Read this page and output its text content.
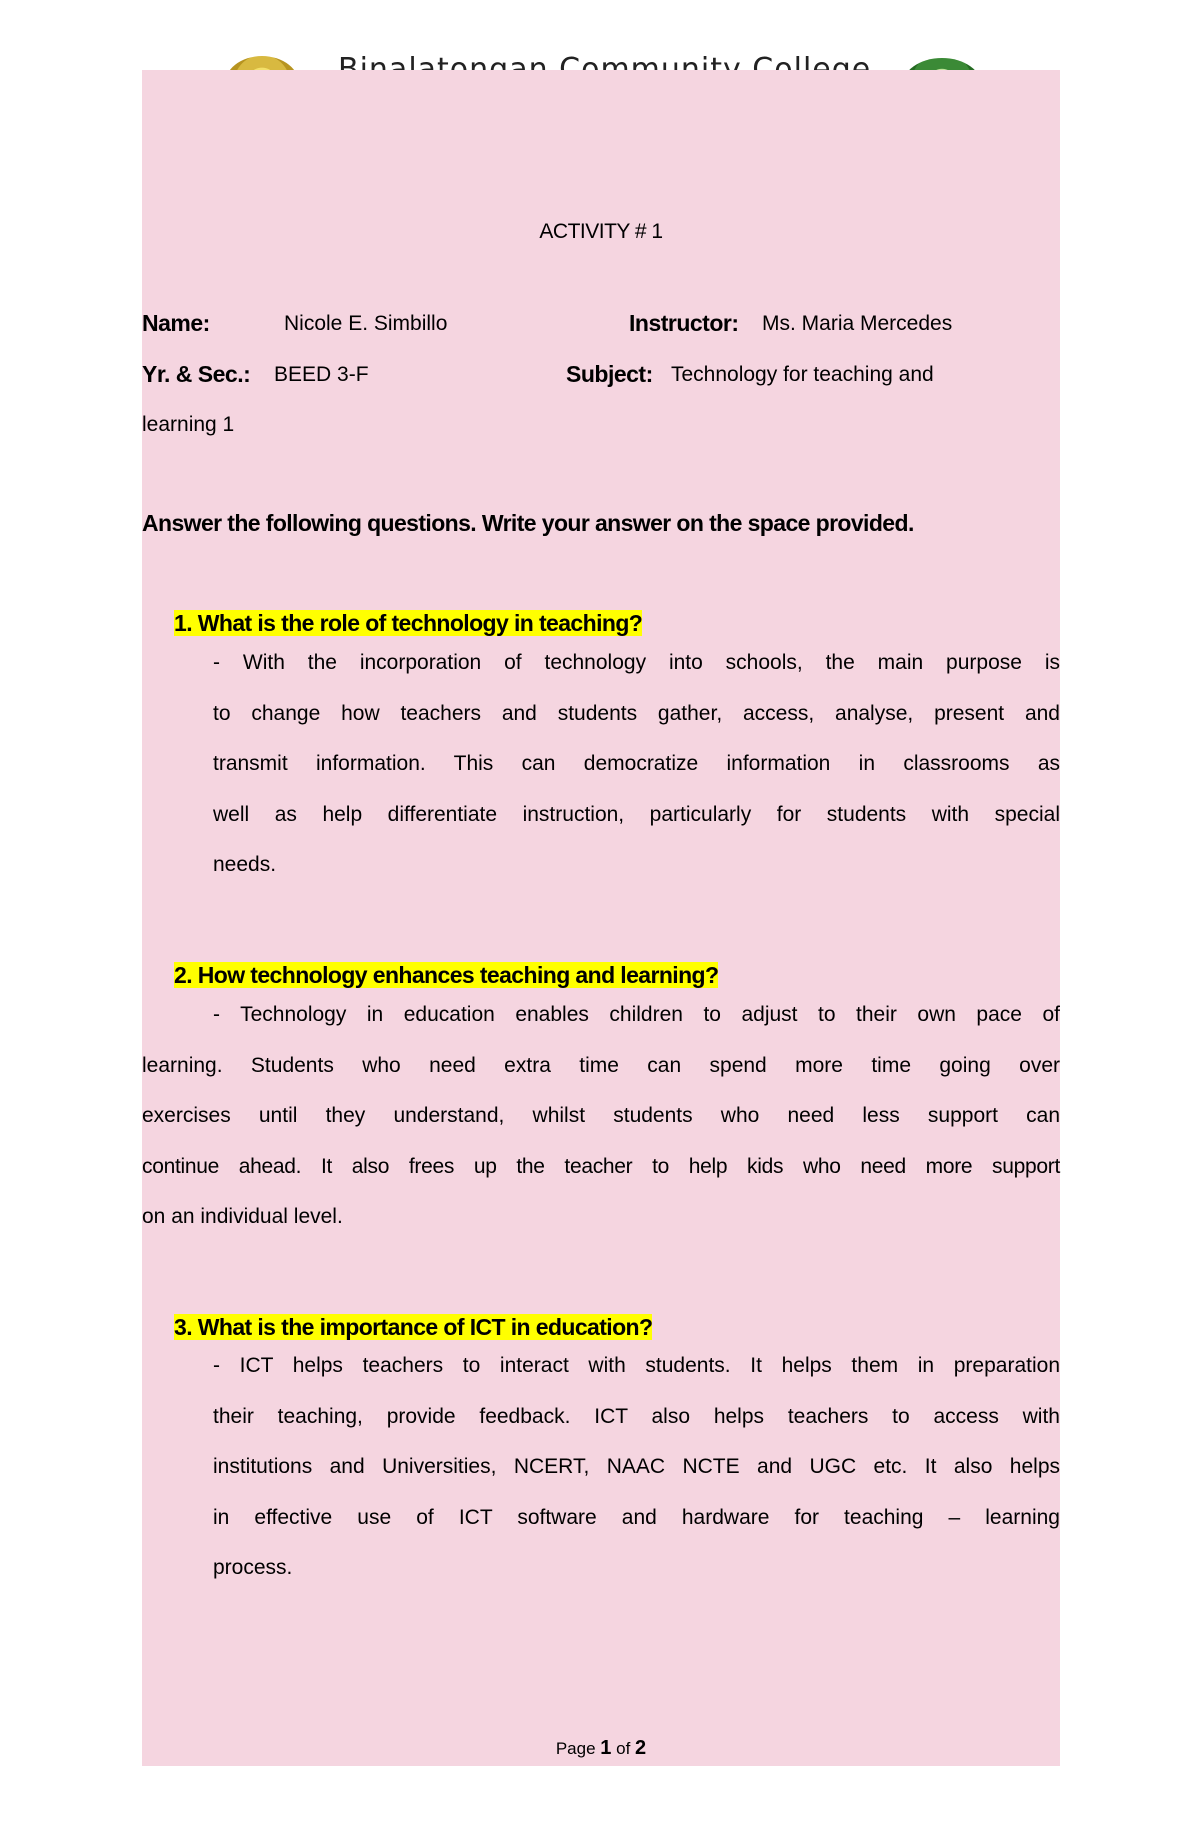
ACTIVITY # 1
Name:	Nicole E. Simbillo	Instructor: Ms. Maria Mercedes
Yr. & Sec.: BEED 3-F	Subject: Technology for teaching and
learning 1
Answer the following questions. Write your answer on the space provided.
1. What is the role of technology in teaching?
- With the incorporation of technology into schools, the main purpose is
to change how teachers and students gather, access, analyse, present and
transmit information. This can democratize information in classrooms as
well as help differentiate instruction, particularly for students with special
needs.
2. How technology enhances teaching and learning?
- Technology in education enables children to adjust to their own pace of
learning. Students who need extra time can spend more time going over
exercises until they understand, whilst students who need less support can
continue ahead. It also frees up the teacher to help kids who need more support
on an individual level.
3. What is the importance of ICT in education?
- ICT helps teachers to interact with students. It helps them in preparation
their teaching, provide feedback. ICT also helps teachers to access with
institutions and Universities, NCERT, NAAC NCTE and UGC etc. It also helps
in effective use of ICT software and hardware for teaching – learning
process.
Page 1 of 2
